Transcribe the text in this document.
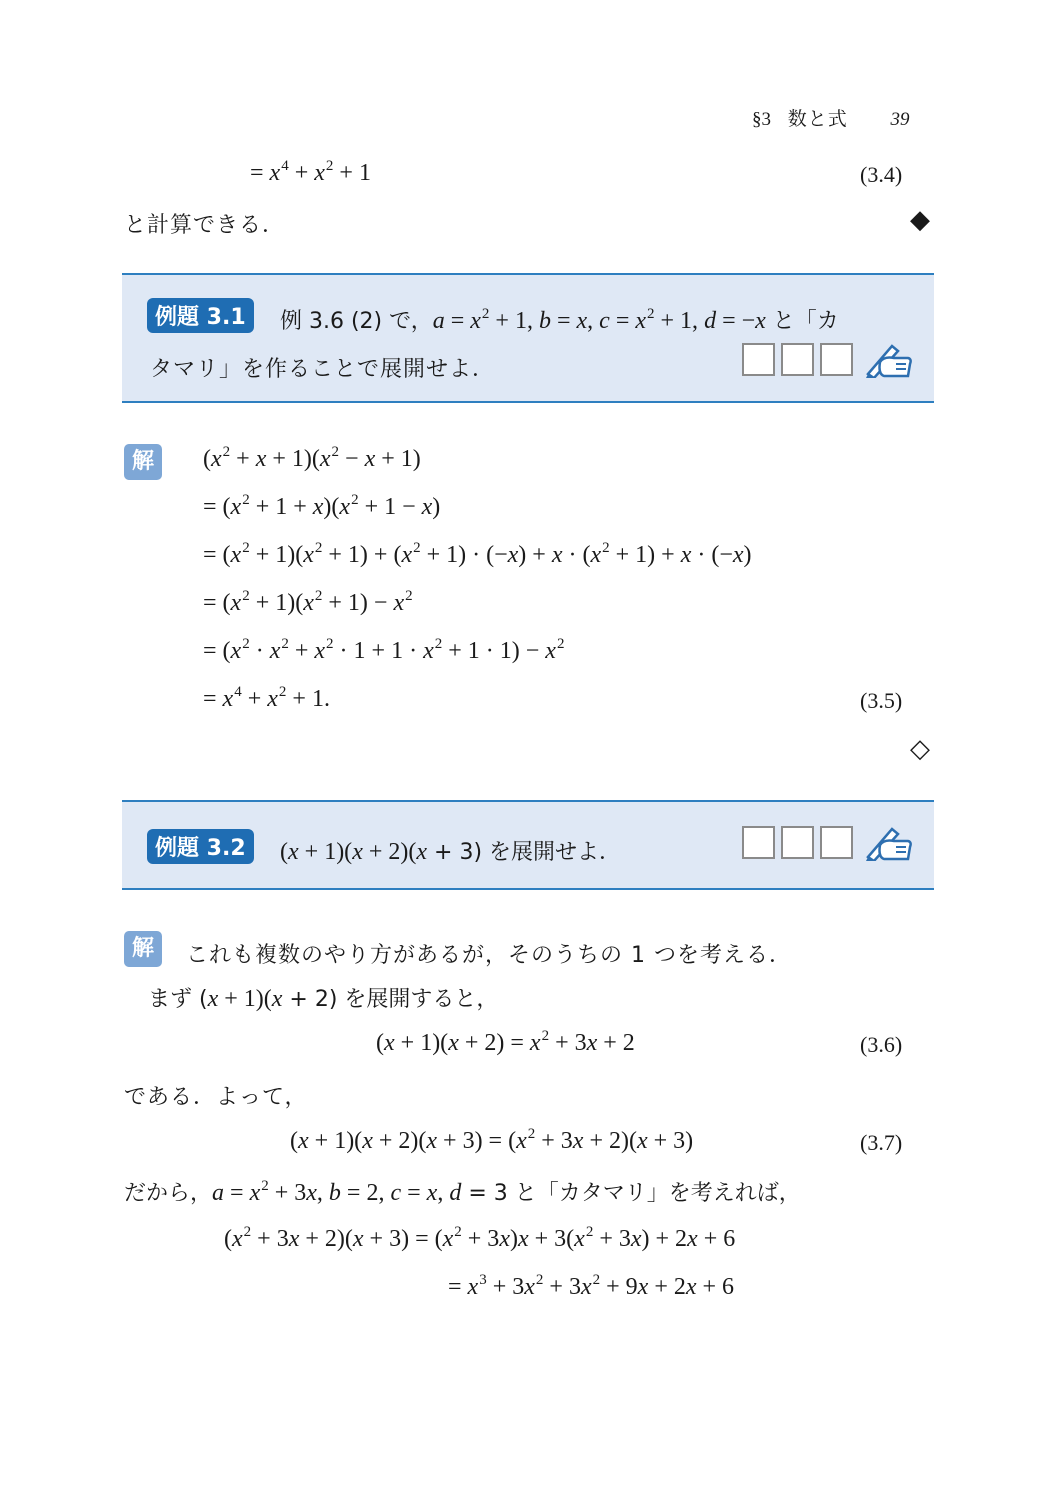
§3 数と式 39
= $x^4 + x^2 + 1$	(3.4)
と計算できる．	◆
例題 3.1	例 3.6 (2) で，$a = x^2 + 1$, b = x, $c = x^2 + 1$, d = −x と「カ
タマリ」を作ることで展開せよ．
解	$(x^2 + x + 1)(x^2 - x + 1)$
= $(x^2 + 1 + x)(x^2 + 1 - x)$
= $(x^2 + 1)(x^2 + 1) + (x^2 + 1) \cdot (-x) + x \cdot (x^2 + 1) + x \cdot (-x)$
= $(x^2 + 1)(x^2 + 1) - x^2$
= $(x^2 \cdot x^2 + x^2 \cdot 1 + 1 \cdot x^2 + 1 \cdot 1) - x^2$
= $x^4 + x^2 + 1$.	(3.5)
◇
例題 3.2	(x + 1)(x + 2)(x + 3) を展開せよ．
解	これも複数のやり方があるが，そのうちの 1 つを考える．
まず (x + 1)(x + 2) を展開すると，
$(x + 1)(x + 2) = x^2 + 3x + 2$	(3.6)
である．よって，
$(x + 1)(x + 2)(x + 3) = (x^2 + 3x + 2)(x + 3)$	(3.7)
だから，$a = x^2 + 3x$, b = 2, c = x, d = 3 と「カタマリ」を考えれば，
$(x^2 + 3x + 2)(x + 3) = (x^2 + 3x)x + 3(x^2 + 3x) + 2x + 6$
= $x^3 + 3x^2 + 3x^2 + 9x + 2x + 6$
